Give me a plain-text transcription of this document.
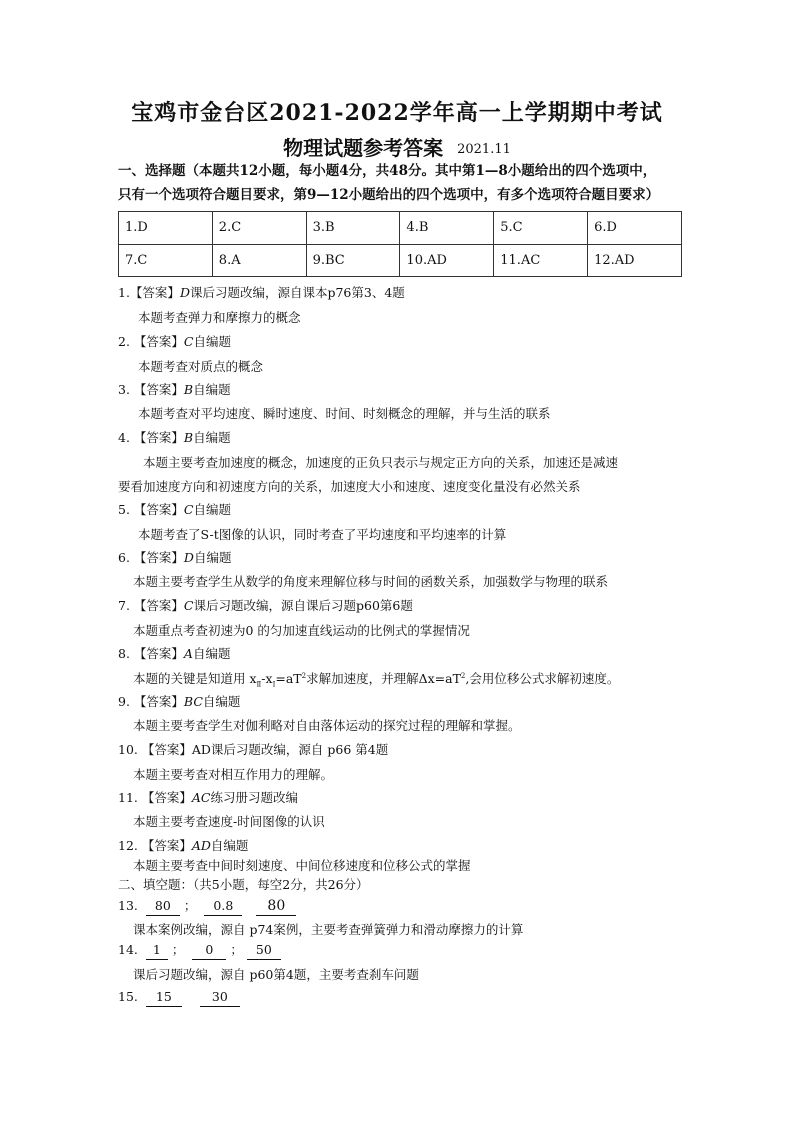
宝鸡市金台区2021-2022学年高一上学期期中考试
物理试题参考答案 2021.11
一、选择题（本题共12小题，每小题4分，共48分。其中第1—8小题给出的四个选项中，
只有一个选项符合题目要求，第9—12小题给出的四个选项中，有多个选项符合题目要求）
1.D	2.C	3.B	4.B	5.C	6.D
7.C	8.A	9.BC	10.AD	11.AC	12.AD
1.【答案】D课后习题改编，源自课本p76第3、4题
本题考查弹力和摩擦力的概念
2. 【答案】C自编题
本题考查对质点的概念
3. 【答案】B自编题
本题考查对平均速度、瞬时速度、时间、时刻概念的理解，并与生活的联系
4. 【答案】B自编题
本题主要考查加速度的概念，加速度的正负只表示与规定正方向的关系，加速还是减速
要看加速度方向和初速度方向的关系，加速度大小和速度、速度变化量没有必然关系
5. 【答案】C自编题
本题考查了S-t图像的认识，同时考查了平均速度和平均速率的计算
6. 【答案】D自编题
本题主要考查学生从数学的角度来理解位移与时间的函数关系，加强数学与物理的联系
7. 【答案】C课后习题改编，源自课后习题p60第6题
本题重点考查初速为0 的匀加速直线运动的比例式的掌握情况
8. 【答案】A自编题
本题的关键是知道用 $x_Ⅱ-x_Ⅰ=aT^2$求解加速度，并理解$\Delta x=aT^2$,会用位移公式求解初速度。
9. 【答案】BC自编题
本题主要考查学生对伽利略对自由落体运动的探究过程的理解和掌握。
10. 【答案】AD课后习题改编，源自 p66 第4题
本题主要考查对相互作用力的理解。
11. 【答案】AC练习册习题改编
本题主要考查速度-时间图像的认识
12. 【答案】AD自编题
本题主要考查中间时刻速度、中间位移速度和位移公式的掌握
二、填空题：（共5小题，每空2分，共26分）
13. 80 ； 0.8 80
课本案例改编，源自 p74案例，主要考查弹簧弹力和滑动摩擦力的计算
14. 1 ； 0 ； 50
课后习题改编，源自 p60第4题，主要考查刹车问题
15. 15	30
